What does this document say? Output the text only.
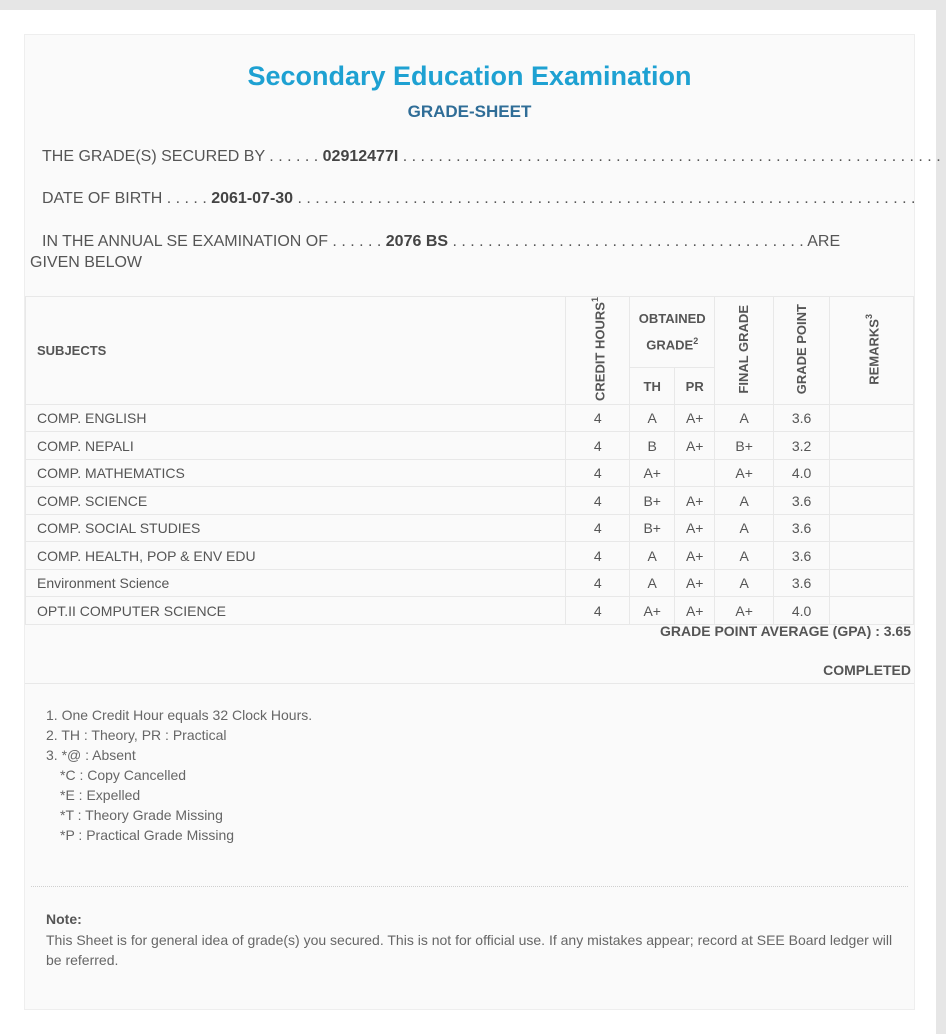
Secondary Education Examination
GRADE-SHEET
THE GRADE(S) SECURED BY . . . . . . 02912477I . . . . . . . . . . . . . . . . . . . . . . . . . . . . . . . . . . . . . . . . . . . . . . . . . . . . . . . . . . . . .
DATE OF BIRTH . . . . . 2061-07-30 . . . . . . . . . . . . . . . . . . . . . . . . . . . . . . . . . . . . . . . . . . . . . . . . . . . . . . . . . . . . . . . . . . . . . .
IN THE ANNUAL SE EXAMINATION OF . . . . . . 2076 BS . . . . . . . . . . . . . . . . . . . . . . . . . . . . . . . . . . . . . . . . ARE GIVEN BELOW
SUBJECTS	CREDIT HOURS$^1$	OBTAINED GRADE$^2$		FINAL GRADE	GRADE POINT	REMARKS$^3$
		TH	PR			
COMP. ENGLISH	4	A	A+	A	3.6	
COMP. NEPALI	4	B	A+	B+	3.2	
COMP. MATHEMATICS	4	A+		A+	4.0	
COMP. SCIENCE	4	B+	A+	A	3.6	
COMP. SOCIAL STUDIES	4	B+	A+	A	3.6	
COMP. HEALTH, POP & ENV EDU	4	A	A+	A	3.6	
Environment Science	4	A	A+	A	3.6	
OPT.II COMPUTER SCIENCE	4	A+	A+	A+	4.0	
GRADE POINT AVERAGE (GPA) : 3.65
COMPLETED
1. One Credit Hour equals 32 Clock Hours.
2. TH : Theory, PR : Practical
3. *@ : Absent
*C : Copy Cancelled
*E : Expelled
*T : Theory Grade Missing
*P : Practical Grade Missing
Note:
This Sheet is for general idea of grade(s) you secured. This is not for official use. If any mistakes appear; record at SEE Board ledger will be referred.
